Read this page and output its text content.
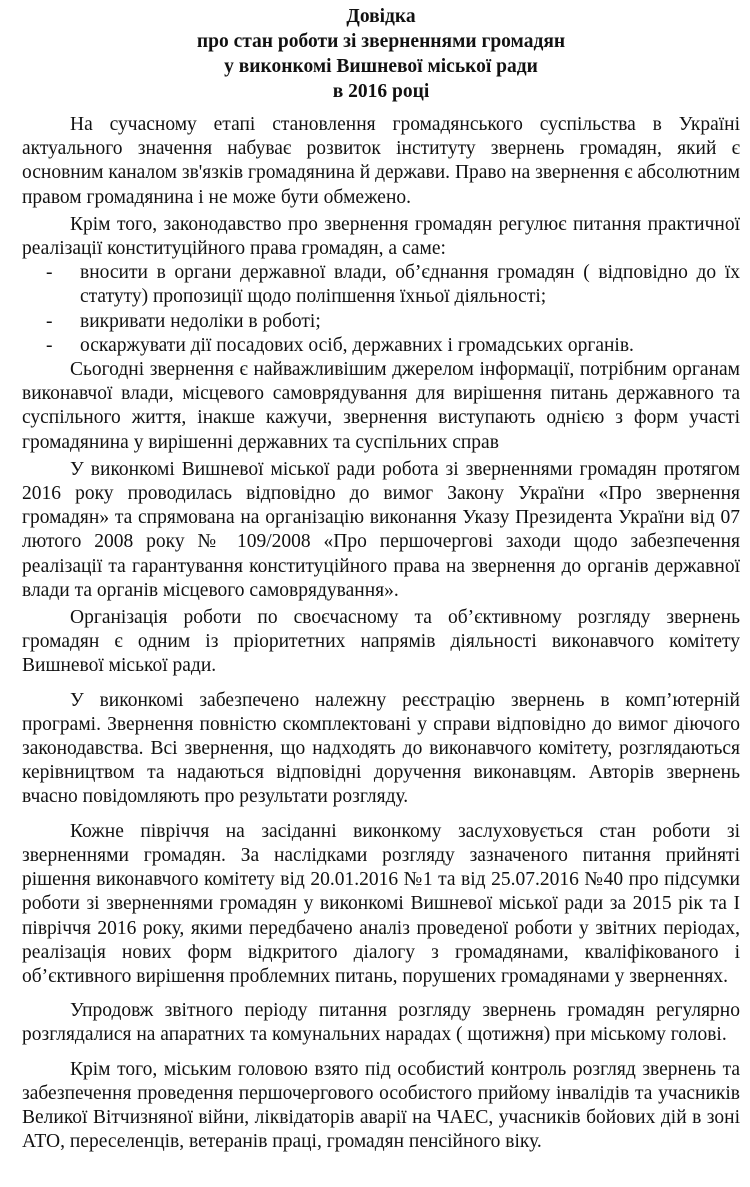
Довідка
про стан роботи зі зверненнями громадян
у виконкомі Вишневої міської ради
в 2016 році

На сучасному етапі становлення громадянського суспільства в Україні актуального значення набуває розвиток інституту звернень громадян, який є основним каналом зв'язків громадянина й держави. Право на звернення є абсолютним правом громадянина і не може бути обмежено.

Крім того, законодавство про звернення громадян регулює питання практичної реалізації конституційного права громадян, а саме:

- вносити в органи державної влади, об’єднання громадян ( відповідно до їх статуту) пропозиції щодо поліпшення їхньої діяльності;
- викривати недоліки в роботі;
- оскаржувати дії посадових осіб, державних і громадських органів.

Сьогодні звернення є найважливішим джерелом інформації, потрібним органам виконавчої влади, місцевого самоврядування для вирішення питань державного та суспільного життя, інакше кажучи, звернення виступають однією з форм участі громадянина у вирішенні державних та суспільних справ

У виконкомі Вишневої міської ради робота зі зверненнями громадян протягом 2016 року проводилась відповідно до вимог Закону України «Про звернення громадян» та спрямована на організацію виконання Указу Президента України від 07 лютого 2008 року № 109/2008 «Про першочергові заходи щодо забезпечення реалізації та гарантування конституційного права на звернення до органів державної влади та органів місцевого самоврядування».

Організація роботи по своєчасному та об’єктивному розгляду звернень громадян є одним із пріоритетних напрямів діяльності виконавчого комітету Вишневої міської ради.

У виконкомі забезпечено належну реєстрацію звернень в комп’ютерній програмі. Звернення повністю скомплектовані у справи відповідно до вимог діючого законодавства. Всі звернення, що надходять до виконавчого комітету, розглядаються керівництвом та надаються відповідні доручення виконавцям. Авторів звернень вчасно повідомляють про результати розгляду.

Кожне півріччя на засіданні виконкому заслуховується стан роботи зі зверненнями громадян. За наслідками розгляду зазначеного питання прийняті рішення виконавчого комітету від 20.01.2016 №1 та від 25.07.2016 №40 про підсумки роботи зі зверненнями громадян у виконкомі Вишневої міської ради за 2015 рік та І півріччя 2016 року, якими передбачено аналіз проведеної роботи у звітних періодах, реалізація нових форм відкритого діалогу з громадянами, кваліфікованого і об’єктивного вирішення проблемних питань, порушених громадянами у зверненнях.

Упродовж звітного періоду питання розгляду звернень громадян регулярно розглядалися на апаратних та комунальних нарадах ( щотижня) при міському голові.

Крім того, міським головою взято під особистий контроль розгляд звернень та забезпечення проведення першочергового особистого прийому інвалідів та учасників Великої Вітчизняної війни, ліквідаторів аварії на ЧАЕС, учасників бойових дій в зоні АТО, переселенців, ветеранів праці, громадян пенсійного віку.
